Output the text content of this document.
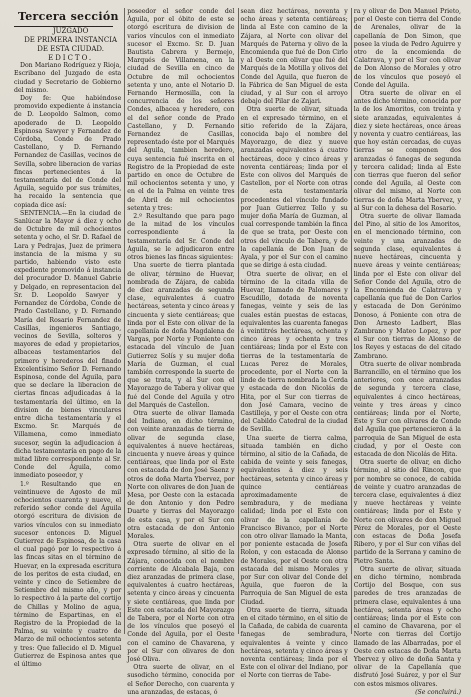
Tercera sección

JUZGADO

DE PRIMERA INSTANCIA

DE ESTA CIUDAD.

EDICTO.

Don Mariano Rodríguez y Rioja, Escribano del Juzgado de esta ciudad y Secretario de Gobierno del mismo.

Doy fe: Que habiéndose promovido expediente á instancia de D. Leopoldo Salmon, como apoderado de D. Leopoldo Espinosa Sawyer y Fernandez de Córdoba, Conde de Prado Castellano, y D. Fernando Fernandez de Casillas, vecinos de Sevilla, sobre liberacion de varias fincas pertenecientes á la testamentaría del de Conde del Águila, seguido por sus trámites, ha recaido la sentencia que copiada dice así:

SENTENCIA.—En la ciudad de Sanlúcar la Mayor á diez y ocho de Octubre de mil ochocientos setenta y ocho, el Sr. D. Rafael de Lara y Pedrajas, Juez de primera instancia de la misma y su partido, habiendo visto este expediente promovido á instancia del procurador D. Manuel Gabrie y Delgado, en representacion del Sr. D. Leopoldo Sawyer y Fernandez de Córdoba, Conde de Prado Castellano, y D. Fernando María del Rosario Fernandez de Casillas, ingenieros Santiago, vecinos de Sevilla, solteros y mayores de edad y propietarios, albaceas testamentarios del primero y herederos del finado Excelentísimo Señor D. Fernando Espinosa, conde del Águila, para que se declare la liberacion de ciertas fincas adjudicadas á la testamentaría del último, en la division de bienes vinculares entre dicha testamentaría y el Excmo. Sr. Marqués de Villamena, como inmediato sucesor, según la adjudicacion á dicha testamentaría en pago de la mitad libre correspondiente al Sr. Conde del Águila, como inmediato poseedor, y

1.º Resultando que en veintinueve de Agosto de mil ochocientos cuarenta y nueve, el referido señor conde del Águila otorgó escritura de division de varios vínculos con su inmediato sucesor entonces D. Miguel Gutierrez de Espinosa, de la casa el cual pagó por lo respectivo á las fincas sitas en el término de Huevar, en la expresada escritura de los peritos de esta ciudad, en veinte y cinco de Setiembre de Setiembre del mismo año, y por lo respectivo á la parte del cortijo de Chillas y Molino de agua, término de Espartinas, en el Registro de la Propiedad de la Palma, su veinte y cuatro de Marzo de mil ochocientos setenta y tres: Que fallecido el D. Miguel Gutierrez de Espinosa antes que el último

poseedor el señor conde del Águila, por el óbito de este se otorgó escritura de division de varios vínculos con el inmediato sucesor el Excmo. Sr. D. Juan Bautista Cabrera y Bermejo, Marqués de Villamena, en la ciudad de Sevilla en cinco de Octubre de mil ochocientos setenta y uno, ante el Notario D. Fernando Hermosilla, con la concurrencia de los señores Condes, albacea y heredero, con el del señor conde de Prado Castellano, y D. Fernando Fernandez de Casillas, representado éste por el Marqués del Aguila, tambien heredero, cuya sentencia fué inscrita en el Registro de la Propiedad de este partido en once de Octubre de mil ochocientos setenta y uno, y en el de la Palma en veinte tres de Abril de mil ochocientos setenta y tres:

2.º Resultando que para pago de la mitad de los vínculos correspondiente á la testamentaría del Sr. Conde del Águila, se le adjudicaron entre otros bienes las fincas siguientes:

Una suerte de tierra plantada de olivar, término de Huevar, nombrada de Zájara, de cabida de diez aranzadas de segunda clase, equivalentes á cuatro hectáreas, setenta y cinco áreas y cincuenta y siete centiáreas; que linda por el Este con olivar de la capellanía de doña Magdalena de Vargas, por Norte y Poniente con estacada del vínculo de Juan Gutierrez Solís y su mujer doña María de Guzman, el cual también corresponde la suerte de que se trata, y al Sur con el Mayorazgo de Tabera y olivar que fué del Conde del Aguila y otro del Marqués de Castellon.

Otra suerte de olivar llamada del Indiano, en dicho término, con veinte aranzadas de tierra de olivar de segunda clase, equivalentes á nueve hectáreas, cincuenta y nueve áreas y quince centiáreas, que linda por el Este con estacada de don José Saenz y otros de doña Marta Ybervez, por Norte con olivares de don Juan de Mesa, por Oeste con la estacada de don Antonio y don Pedro Duarte y tierras del Mayorazgo de esta casa, y por el Sur con otra estacada de don Antonio Morales.

Otra suerte de olivar en el expresado término, al sitio de la Zájara, conocida con el nombre corriente de Alcabala Baja, con diez aranzadas de primera clase, equivalentes á cuatro hectáreas, setenta y cinco áreas y cincuenta y siete centiáreas, que linda por Este con estacada del Mayorazgo de Tabera, por el Norte con otra de los vínculos que poseyó el Conde del Aguila, por el Oeste con el camino de Chavarena, y por el Sur con olivares de don José Oliva.

Otra suerte de olivar, en el susodicho término, conocida por el Señor Derecho, con cuarenta y una aranzadas, de estacas, ó

sean diez hectáreas, noventa y ocho áreas y setenta centiáreas; linda al Este con camino de la Zájara, al Norte con olivar del Marqués de Paterna y olivo de la Encomienda que fué de Don Cirlo y al Oeste con olivar que fué del Marqués de la Motilla y olivos del Conde del Aguila, que fueron de la Fábrica de San Miguel de esta ciudad, y al Sur con el arroyo debajo del Pilar de Zajari.

Otra suerte de olivar, situada en el expresado término, en el sitio referido de la Zájara, conocida bajo el nombre del Mayorazgo, de diez y nueve aranzadas equivalentes á cuatro hectáreas, doce y cinco áreas y noventa centiáreas; linda por el Este con olivos del Marqués de Castellon, por el Norte con otras de esta testamentaría procedentes del vínculo fundado por Juan Gutierrez Tello y su mujer doña María de Guzman, al cual corresponde también la finca de que se trata, por Oeste con otros del vínculo de Tabera, y de la capellanía de Don Juan de Ayala, y por el Sur con el camino que se dirige á esta ciudad.

Otra suerte de olivar, en el término de la citada villa de Huevar, llamado de Palomares y Escudillo, dotada de noventa fanegas, veinte y seis de las cuales están puestas de estacas, equivalentes las cuarenta fanegas á veintitrés hectáreas, ochenta y cinco áreas y ochenta y tres centiáreas; linda por el Este con tierras de la testamentaría de Lucas Perez de Morales, procedente, por el Norte con la linde de tierra nombrada la Cerda y estacada de don Nicolás de Hita, por el Sur con tierras de don José Camara, vecino de Castilleja, y por el Oeste con otra del Cabildo Catedral de la ciudad de Sevilla.

Una suerte de tierra calma, situada también en dicho término, al sitio de la Cañada, de cabida de veinte y seis fanegas, equivalentes á diez y seis hectáreas, setenta y cinco áreas y quince centiáreas aproximadamente de sembradura, y de mediana calidad; linda por el Este con olivar de la capellanía de Francisco Bivanco, por el Norte con otro olivar llamado la Manta, por poniente estacada de Josefa Rolon, y con estacada de Alonso de Morales, por el Oeste con otra estacada del mismo Morales y por Sur con olivar del Conde del Aguila, que fueron de la Parroquia de San Miguel de esta Ciudad.

Otra suerte de tierra, situada en el citado término, en el sitio de la Cañada, de cabida de cuarenta fanegas de sembradura, equivalentes á veinte y cinco hectáreas, setenta y cinco áreas y noventa centiáreas; linda por el Este con el olivar del Indiano, por el Norte con tierras de Tabe-

ra y olivar de Don Manuel Prieto, por el Oeste con tierra del Conde de Arenales, olivar de la capellanía de Don Simon, que posee la viuda de Pedro Aguirre y otro de la encomienda de Calatrava, y por el Sur con olivar de Don Alonso de Morales y otro de los vínculos que poseyó el Conde del Aguila.

Otra suerte de olivar en el antes dicho término, conocida por la de los Amoritos, con treinta y siete aranzadas, equivalentes á diez y siete hectáreas, once áreas y noventa y cuatro centiáreas, las que hoy están cercadas, de cuyas tierras se componen dos aranzadas ó fanegas de segunda y tercera calidad; linda al Este con tierras que fueron del señor conde del Aguila, al Oeste con olivar del mismo, al Norte con tierras de doña Marta Ybervez, y al Sur con la dehesa del Rosario.

Otra suerte de olivar llamada del Pino, al sitio de los Amoritos, en el mencionado término, con veinte y una aranzadas de segunda clase, equivalentes á nueve hectáreas, cincuenta y nueve áreas y veinte centiáreas; linda por el Este con olivar del Señor Conde del Aguila, otro de la Encomienda de Calatrava y capellanía que fué de Don Carlos y estacada de Don Gerónimo Donoso, á Poniente con otra de Don Arnesto Ladbert, Blas Zambrano y Mateo Lopez, y por el Sur con tierras de Alonso de los Reyes y estacas de del citado Zambrano.

Otra suerte de olivar nombrada Barrancillo, en el término que los anteriores, con once aranzadas de segunda y tercera clase, equivalentes á cinco hectáreas, veinte y tres áreas y cinco centiáreas; linda por el Norte, Este y Sur con olivares de Conde del Aguila que pertenecieron á la parroquia de San Miguel de esta ciudad, y por el Oeste con estacada de don Nicolás de Hita.

Otra suerte de olivar, en dicho término, al sitio del Rincon, que por nombre se conoce, de cabida de veinte y cuatro aranzadas de tercera clase, equivalentes á diez y nueve hectáreas y veinte centiáreas; linda por el Este y Norte con olivares de don Miguel Pérez de Morales, por el Oeste con estacas de Doña Josefa Ribero, y por el Sur con viñas del partido de la Serrana y camino de Pietro Santa.

Otra suerte de olivar, situada en dicho término, nombrada Cortijo del Bosque, con sus paredes de tres aranzadas de primera clase, equivalentes á una hectárea, setenta áreas y ocho centiáreas; linda por el Este con el camino de Chavarena, por el Norte con tierras del Cortijo llamado de las Albarradas, por el Oeste con estacas de Doña Marta Ybervez y olivo de doña Santa y olivar de la Capellanía que disfrutó José Suárez, y por el Sur con estos mismos olivares.

(Se concluirá.)
